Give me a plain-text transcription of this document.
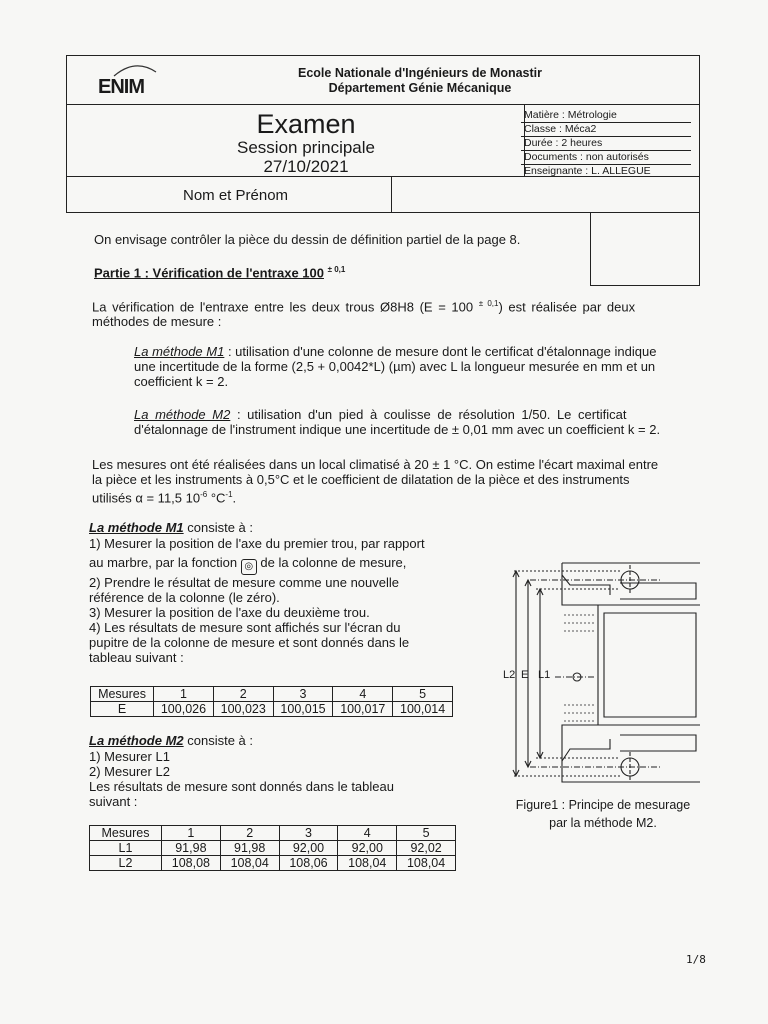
ENIM
Ecole Nationale d'Ingénieurs de Monastir
Département Génie Mécanique
Examen
Session principale
27/10/2021
Matière : Métrologie
Classe : Méca2
Durée : 2 heures
Documents : non autorisés
Enseignante : L. ALLEGUE
Nom et Prénom
On envisage contrôler la pièce du dessin de définition partiel de la page 8.
Partie 1 : Vérification de l'entraxe 100 $^{\pm 0,1}$
La vérification de l'entraxe entre les deux trous Ø8H8 (E = 100 $^{\pm 0,1}$) est réalisée par deux
méthodes de mesure :
La méthode M1 : utilisation d'une colonne de mesure dont le certificat d'étalonnage indique
une incertitude de la forme (2,5 + 0,0042*L) (µm) avec L la longueur mesurée en mm et un
coefficient k = 2.
La méthode M2 : utilisation d'un pied à coulisse de résolution 1/50. Le certificat
d'étalonnage de l'instrument indique une incertitude de ± 0,01 mm avec un coefficient k = 2.
Les mesures ont été réalisées dans un local climatisé à 20 ± 1 °C. On estime l'écart maximal entre
la pièce et les instruments à 0,5°C et le coefficient de dilatation de la pièce et des instruments
utilisés α = 11,5 $10^{-6}$ $^\circ C^{-1}$.
La méthode M1 consiste à :
1) Mesurer la position de l'axe du premier trou, par rapport
au marbre, par la fonction ◎ de la colonne de mesure,
2) Prendre le résultat de mesure comme une nouvelle
référence de la colonne (le zéro).
3) Mesurer la position de l'axe du deuxième trou.
4) Les résultats de mesure sont affichés sur l'écran du
pupitre de la colonne de mesure et sont donnés dans le
tableau suivant :
Mesures	1	2	3	4	5
E	100,026	100,023	100,015	100,017	100,014
La méthode M2 consiste à :
1) Mesurer L1
2) Mesurer L2
Les résultats de mesure sont donnés dans le tableau
suivant :
Mesures	1	2	3	4	5
L1	91,98	91,98	92,00	92,00	92,02
L2	108,08	108,04	108,06	108,04	108,04
L2 E L1
Figure1 : Principe de mesurage
par la méthode M2.
1/8
